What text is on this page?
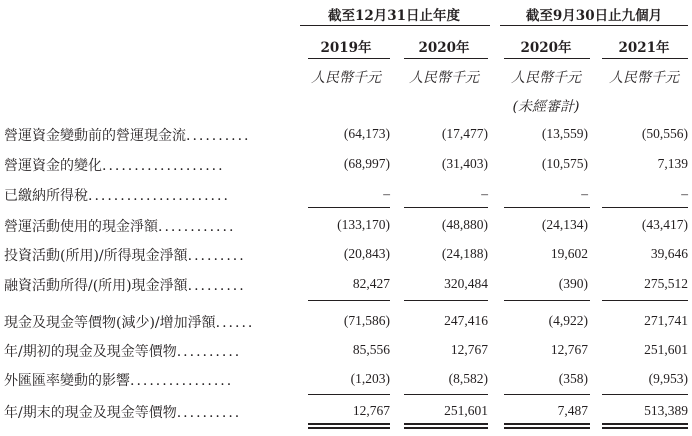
截至12月31日止年度	截至9月30日止九個月
2019年	2020年	2020年	2021年
人民幣千元	人民幣千元	人民幣千元	人民幣千元
(未經審計)
營運資金變動前的營運現金流..........	(64,173)	(17,477)	(13,559)	(50,556)
營運資金的變化...................	(68,997)	(31,403)	(10,575)	7,139
已繳納所得稅......................	–	–	–	–
營運活動使用的現金淨額............	(133,170)	(48,880)	(24,134)	(43,417)
投資活動(所用)/所得現金淨額.........	(20,843)	(24,188)	19,602	39,646
融資活動所得/(所用)現金淨額.........	82,427	320,484	(390)	275,512
現金及現金等價物(減少)/增加淨額......	(71,586)	247,416	(4,922)	271,741
年/期初的現金及現金等價物..........	85,556	12,767	12,767	251,601
外匯匯率變動的影響................	(1,203)	(8,582)	(358)	(9,953)
年/期末的現金及現金等價物..........	12,767	251,601	7,487	513,389
